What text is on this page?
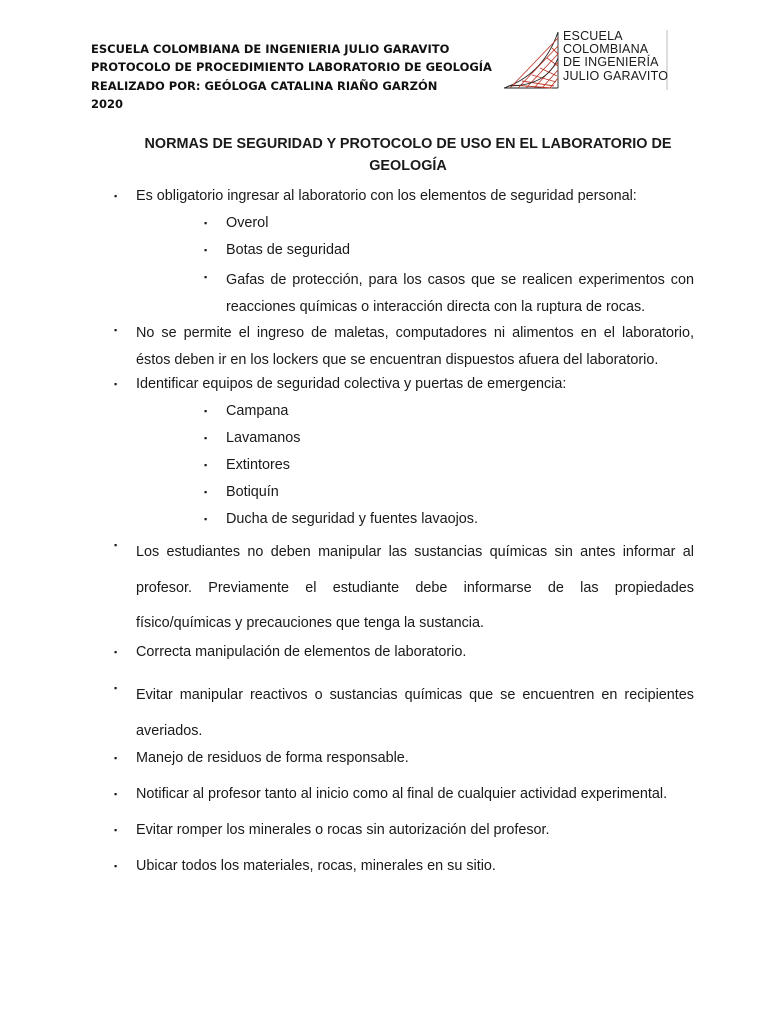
ESCUELA COLOMBIANA DE INGENIERIA JULIO GARAVITO
PROTOCOLO DE PROCEDIMIENTO LABORATORIO DE GEOLOGÍA
REALIZADO POR: GEÓLOGA CATALINA RIAÑO GARZÓN
2020
ESCUELA
COLOMBIANA
DE INGENIERÍA
JULIO GARAVITO
NORMAS DE SEGURIDAD Y PROTOCOLO DE USO EN EL LABORATORIO DE
GEOLOGÍA
▪ Es obligatorio ingresar al laboratorio con los elementos de seguridad personal:
▪ Overol
▪ Botas de seguridad
▪ Gafas de protección, para los casos que se realicen experimentos con reacciones químicas o interacción directa con la ruptura de rocas.
▪ No se permite el ingreso de maletas, computadores ni alimentos en el laboratorio, éstos deben ir en los lockers que se encuentran dispuestos afuera del laboratorio.
▪ Identificar equipos de seguridad colectiva y puertas de emergencia:
▪ Campana
▪ Lavamanos
▪ Extintores
▪ Botiquín
▪ Ducha de seguridad y fuentes lavaojos.
▪ Los estudiantes no deben manipular las sustancias químicas sin antes informar al profesor. Previamente el estudiante debe informarse de las propiedades físico/químicas y precauciones que tenga la sustancia.
▪ Correcta manipulación de elementos de laboratorio.
▪ Evitar manipular reactivos o sustancias químicas que se encuentren en recipientes averiados.
▪ Manejo de residuos de forma responsable.
▪ Notificar al profesor tanto al inicio como al final de cualquier actividad experimental.
▪ Evitar romper los minerales o rocas sin autorización del profesor.
▪ Ubicar todos los materiales, rocas, minerales en su sitio.
